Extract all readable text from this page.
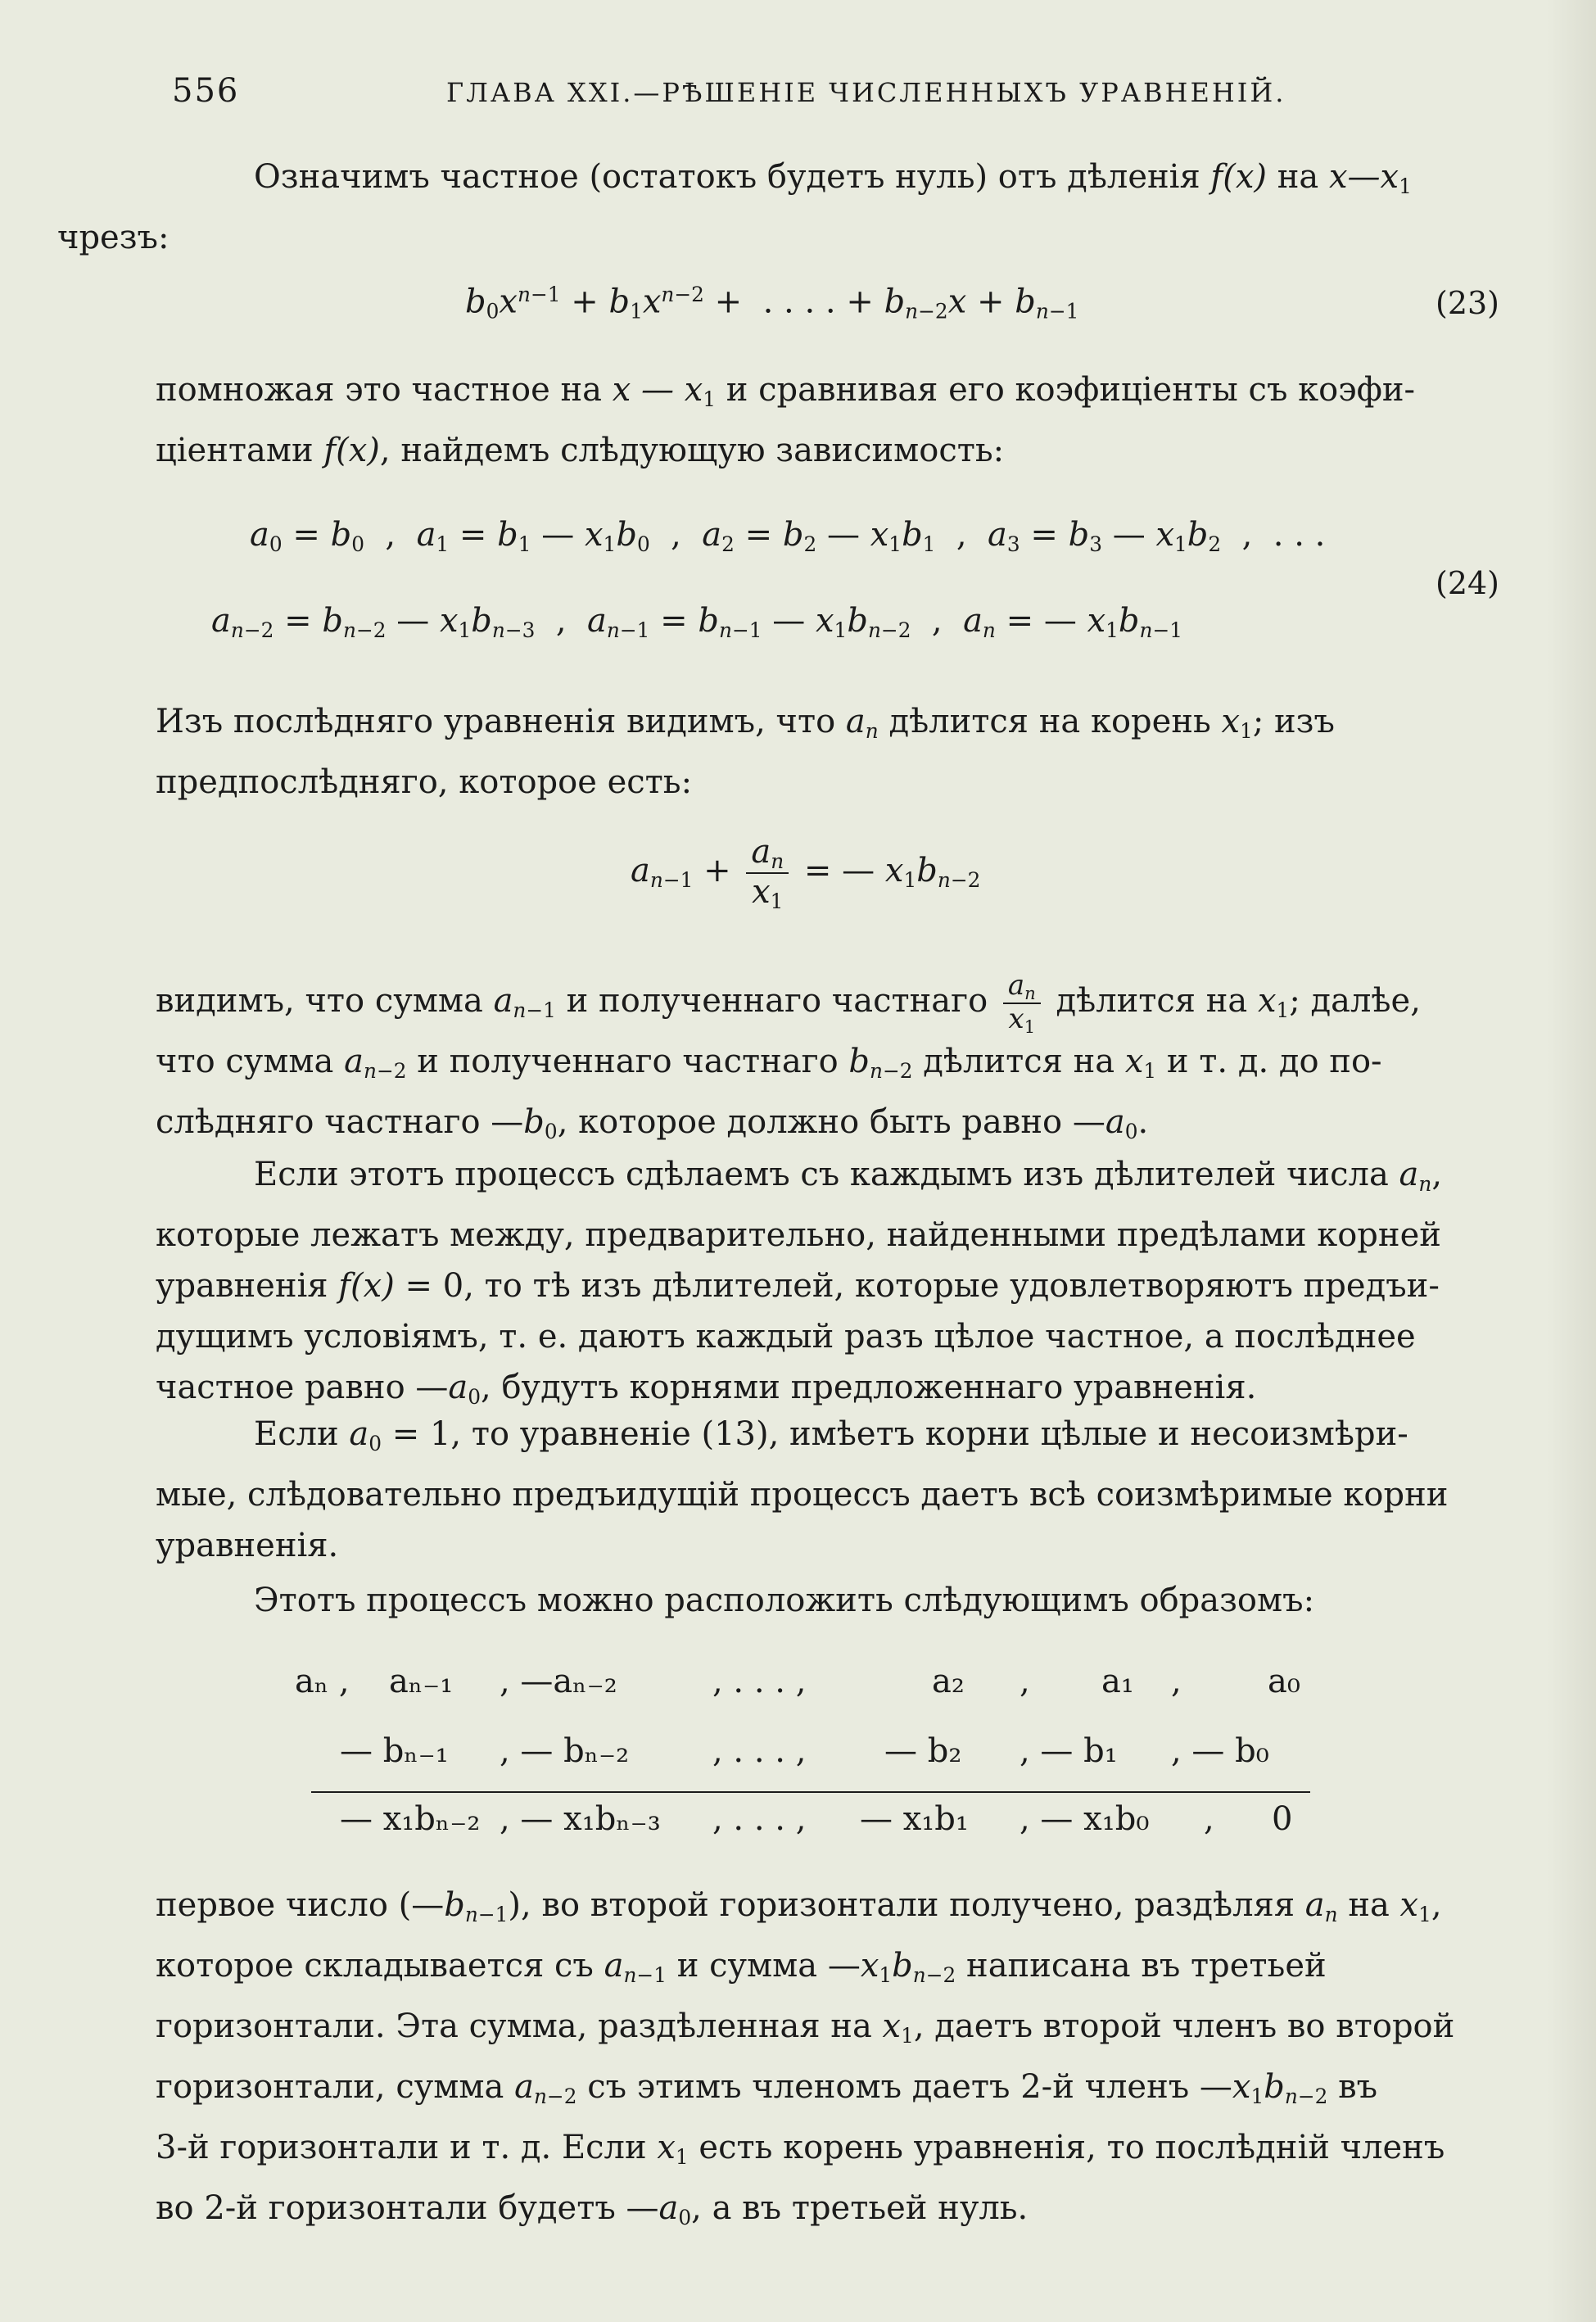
556	ГЛАВА XXI.—РѢШЕНІЕ ЧИСЛЕННЫХЪ УРАВНЕНІЙ.
Означимъ частное (остатокъ будетъ нуль) отъ дѣленія f(x) на $x—x_1$
чрезъ:
$b_0x^{n-1} + b_1x^{n-2}$ +  . . . . + $b_{n-2}x + b_{n-1}$	(23)
помножая это частное на x — $x_1$ и сравнивая его коэфиціенты съ коэфи-
ціентами f(x), найдемъ слѣдующую зависимость:
$a_0 = b_0$  ,  $a_1 = b_1$ — $x_1b_0$  ,  $a_2 = b_2$ — $x_1b_1$  ,  $a_3 = b_3$ — $x_1b_2$  ,  . . .
(24)
$a_{n-2} = b_{n-2}$ — $x_1b_{n-3}$  ,  $a_{n-1} = b_{n-1}$ — $x_1b_{n-2}$  ,  $a_n$ = — $x_1b_{n-1}$
Изъ послѣдняго уравненія видимъ, что $a_n$ дѣлится на корень $x_1$; изъ
предпослѣдняго, которое есть:
$a_{n-1} + \frac{a_n}{x_1}$ = — $x_1b_{n-2}$
видимъ, что сумма $a_{n-1}$ и полученнаго частнаго $\frac{a_n}{x_1}$ дѣлится на $x_1$; далѣе,
что сумма $a_{n-2}$ и полученнаго частнаго $b_{n-2}$ дѣлится на $x_1$ и т. д. до по-
слѣдняго частнаго $—b_0$, которое должно быть равно $—a_0$.
Если этотъ процессъ сдѣлаемъ съ каждымъ изъ дѣлителей числа $a_n$,
которые лежатъ между, предварительно, найденными предѣлами корней
уравненія f(x) = 0, то тѣ изъ дѣлителей, которые удовлетворяютъ предъи-
дущимъ условіямъ, т. е. даютъ каждый разъ цѣлое частное, а послѣднее
частное равно $—a_0$, будутъ корнями предложеннаго уравненія.
Если $a_0 = 1$, то уравненіе (13), имѣетъ корни цѣлые и несоизмѣри-
мые, слѣдовательно предъидущій процессъ даетъ всѣ соизмѣримые корни
уравненія.
Этотъ процессъ можно расположить слѣдующимъ образомъ:
aₙ , aₙ₋₁ , —aₙ₋₂	, . . . ,	a₂ , a₁ ,	a₀
— bₙ₋₁ , — bₙ₋₂	, . . . , — b₂ , — b₁ , — b₀
— x₁bₙ₋₂ , — x₁bₙ₋₃ , . . . , — x₁b₁ , — x₁b₀ , 0
первое число $(—b_{n-1})$, во второй горизонтали получено, раздѣляя $a_n$ на $x_1$,
которое складывается съ $a_{n-1}$ и сумма $—x_1b_{n-2}$ написана въ третьей
горизонтали. Эта сумма, раздѣленная на $x_1$, даетъ второй членъ во второй
горизонтали, сумма $a_{n-2}$ съ этимъ членомъ даетъ 2-й членъ $—x_1b_{n-2}$ въ
3-й горизонтали и т. д. Если $x_1$ есть корень уравненія, то послѣдній членъ
во 2-й горизонтали будетъ $—a_0$, а въ третьей нуль.
